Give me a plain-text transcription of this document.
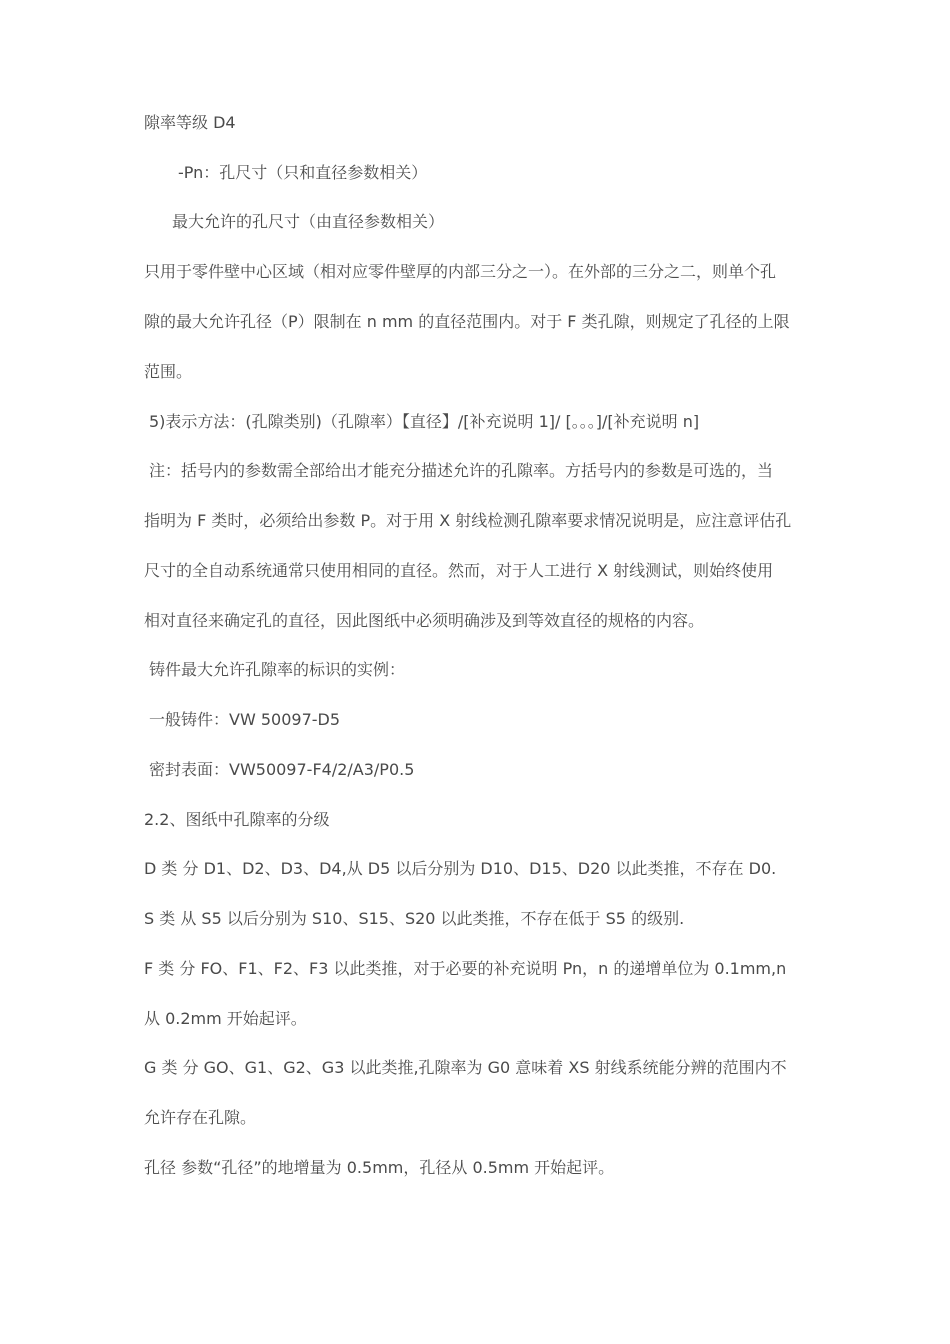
隙率等级 D4
-Pn：孔尺寸（只和直径参数相关）
最大允许的孔尺寸（由直径参数相关）
只用于零件壁中心区域（相对应零件壁厚的内部三分之一）。在外部的三分之二，则单个孔
隙的最大允许孔径（P）限制在 n mm 的直径范围内。对于 F 类孔隙，则规定了孔径的上限
范围。
5)表示方法：(孔隙类别)（孔隙率）【直径】/[补充说明 1]/ [。。。]/[补充说明 n]
注：括号内的参数需全部给出才能充分描述允许的孔隙率。方括号内的参数是可选的，当
指明为 F 类时，必须给出参数 P。对于用 X 射线检测孔隙率要求情况说明是，应注意评估孔
尺寸的全自动系统通常只使用相同的直径。然而，对于人工进行 X 射线测试，则始终使用
相对直径来确定孔的直径，因此图纸中必须明确涉及到等效直径的规格的内容。
铸件最大允许孔隙率的标识的实例：
一般铸件：VW 50097-D5
密封表面：VW50097-F4/2/A3/P0.5
2.2、图纸中孔隙率的分级
D 类 分 D1、D2、D3、D4,从 D5 以后分别为 D10、D15、D20 以此类推，不存在 D0.
S 类 从 S5 以后分别为 S10、S15、S20 以此类推，不存在低于 S5 的级别.
F 类 分 FO、F1、F2、F3 以此类推，对于必要的补充说明 Pn，n 的递增单位为 0.1mm,n
从 0.2mm 开始起评。
G 类 分 GO、G1、G2、G3 以此类推,孔隙率为 G0 意味着 XS 射线系统能分辨的范围内不
允许存在孔隙。
孔径 参数“孔径”的地增量为 0.5mm，孔径从 0.5mm 开始起评。
